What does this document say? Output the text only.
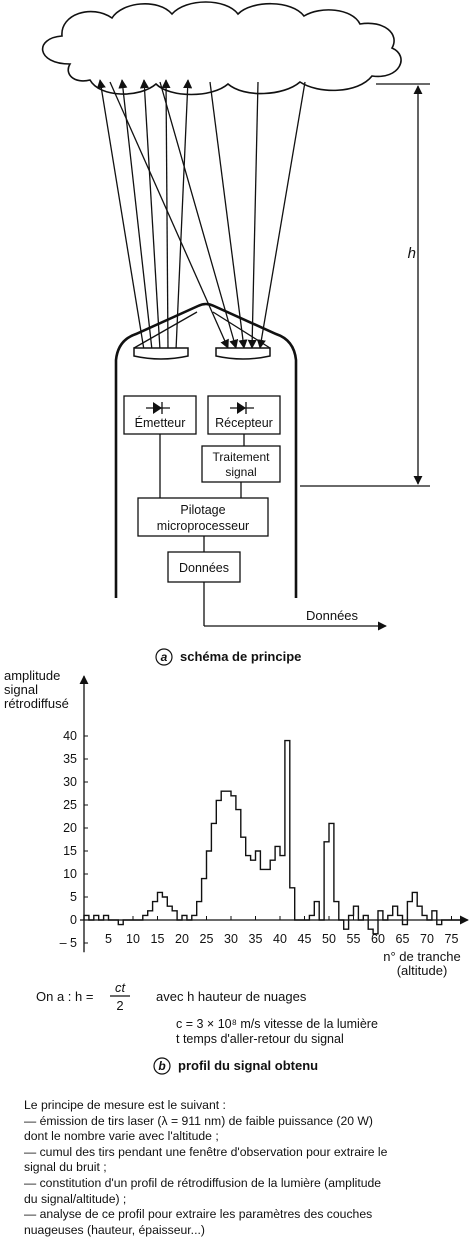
h
Émetteur Récepteur
Traitement
signal
Pilotage
microprocesseur
Données
Données
a schéma de principe
amplitude
signal
rétrodiffusé
n° de tranche
(altitude)
– 5
0
5
10
15
20
25
30
35
40
5 10 15 20 25 30 35 40 45 50 55 60 65 70 75
On a : h =
ct
2
avec h hauteur de nuages
c = 3 × 10⁸ m/s vitesse de la lumière
t temps d'aller-retour du signal
b profil du signal obtenu
Le principe de mesure est le suivant :
— émission de tirs laser (λ = 911 nm) de faible puissance (20 W)
dont le nombre varie avec l'altitude ;
— cumul des tirs pendant une fenêtre d'observation pour extraire le
signal du bruit ;
— constitution d'un profil de rétrodiffusion de la lumière (amplitude
du signal/altitude) ;
— analyse de ce profil pour extraire les paramètres des couches
nuageuses (hauteur, épaisseur...)
